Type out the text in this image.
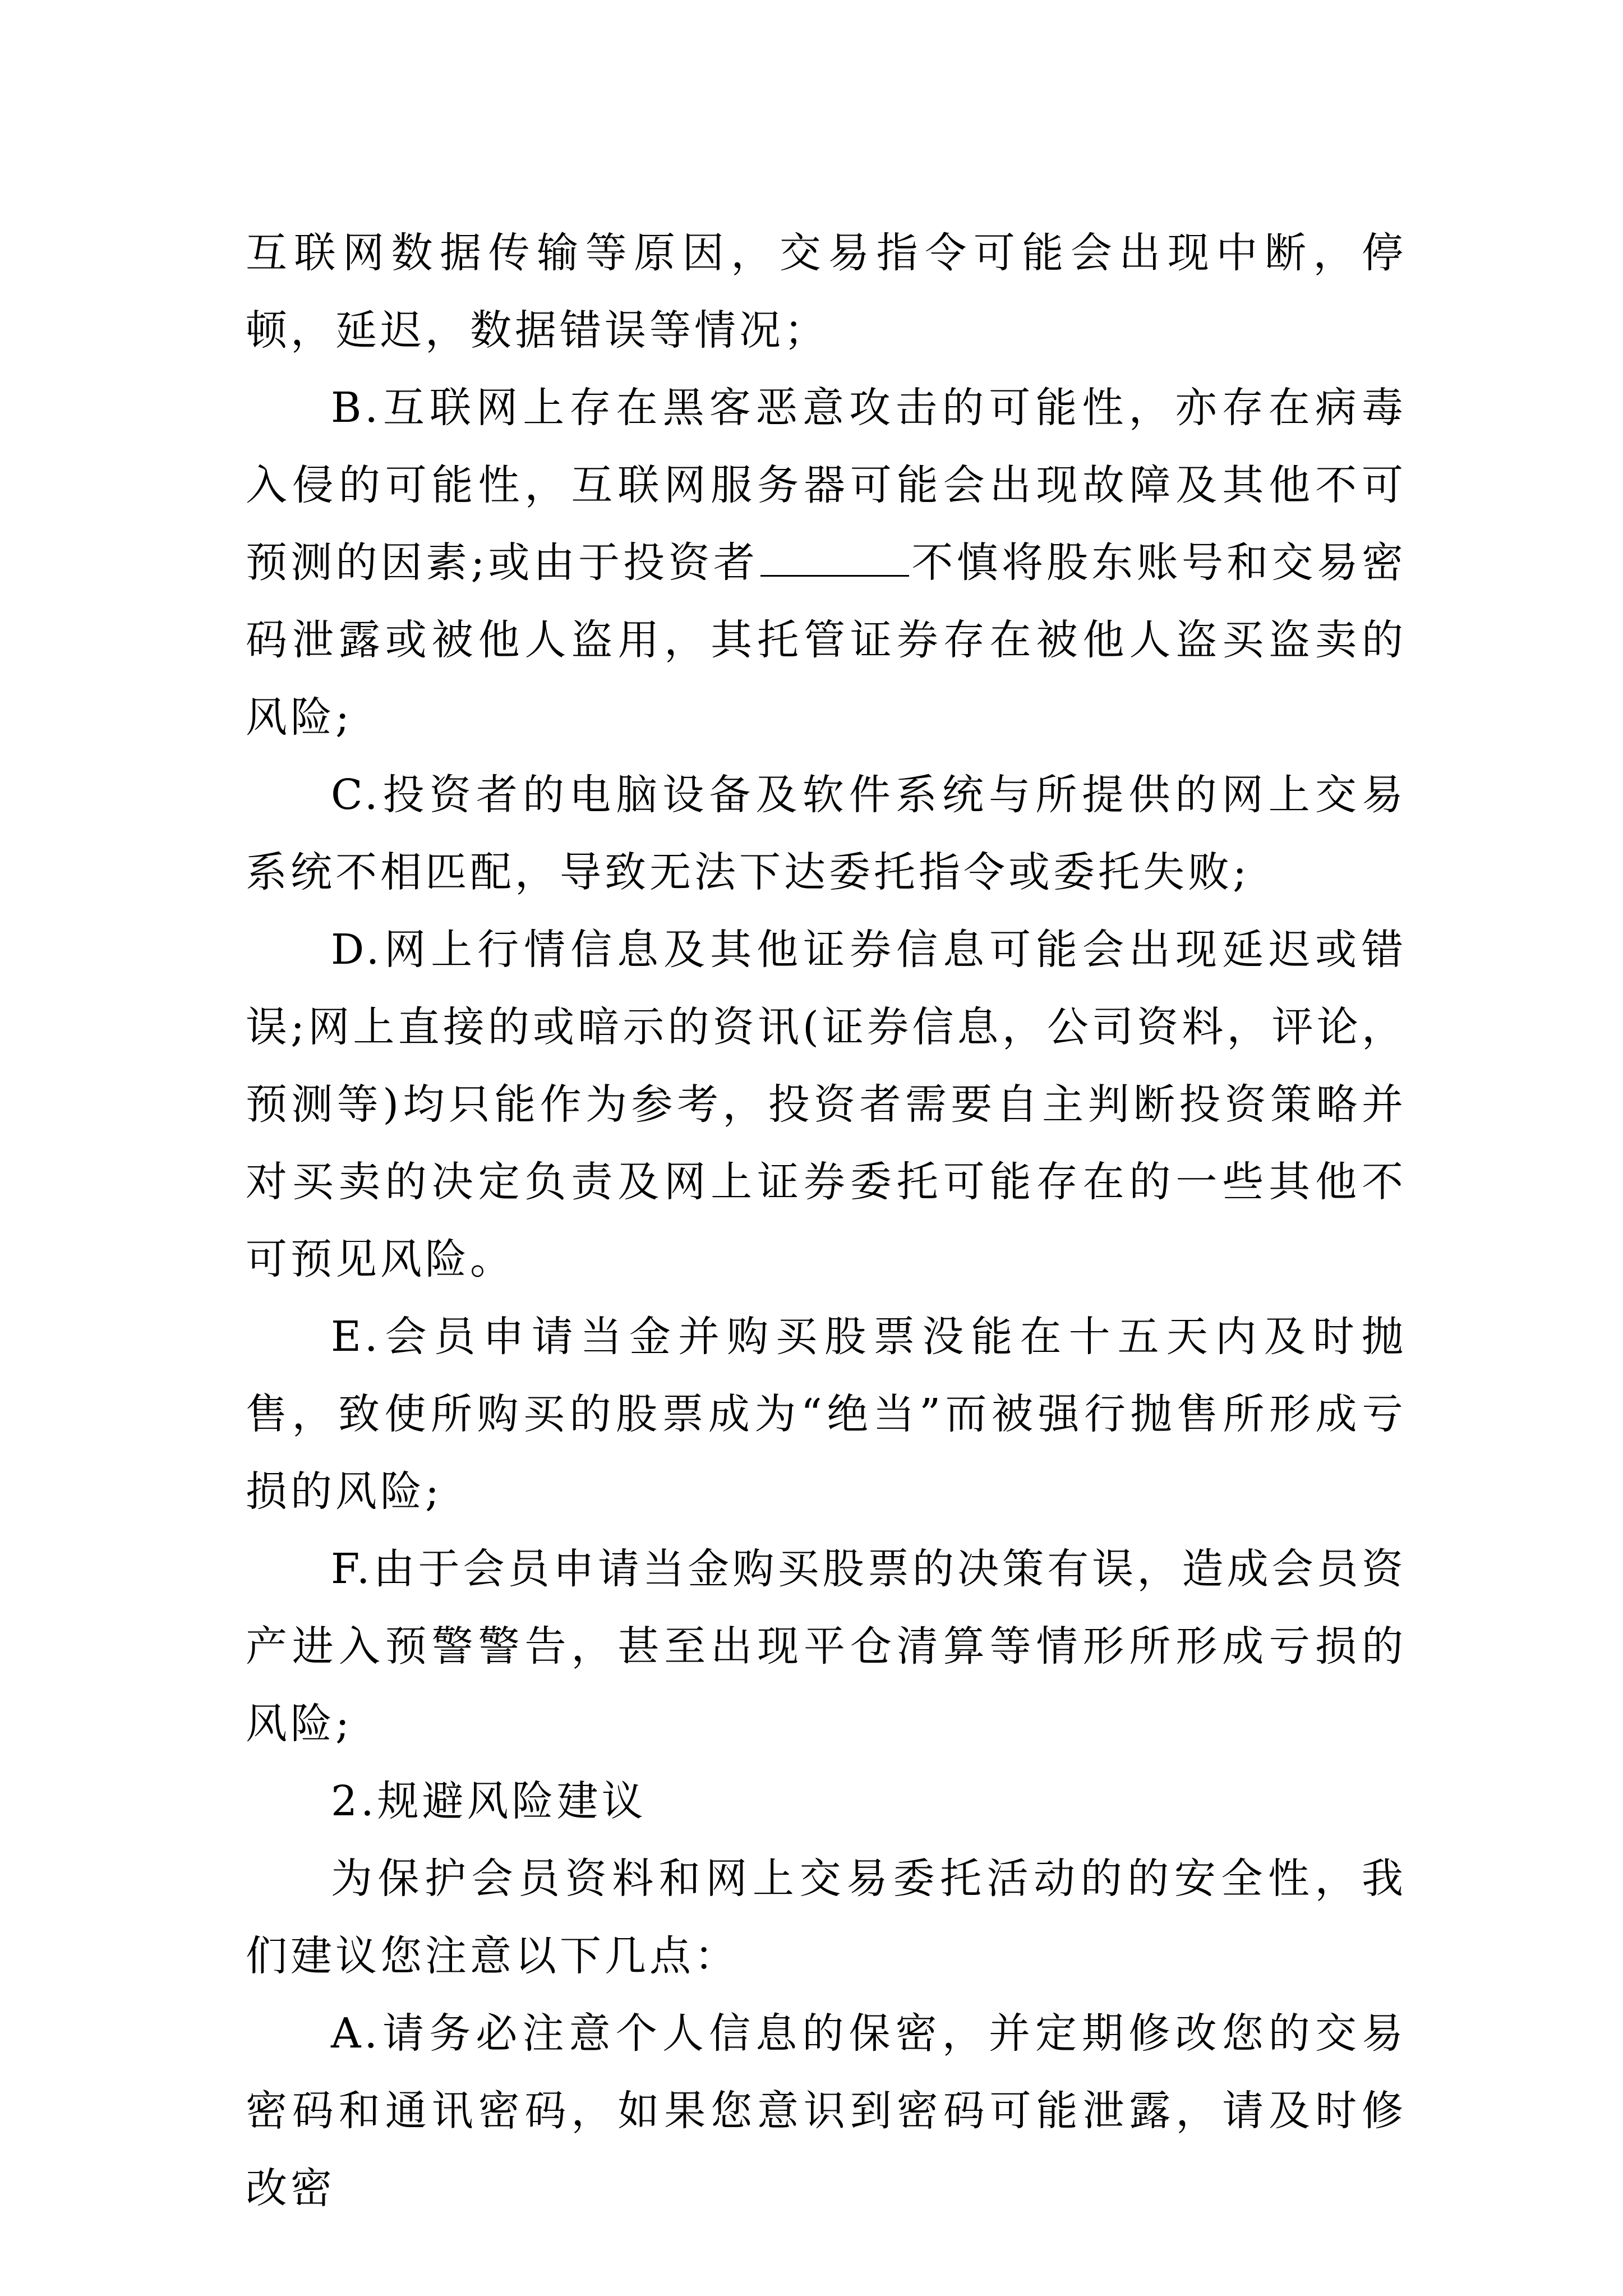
互联网数据传输等原因，交易指令可能会出现中断，停顿，延迟，数据错误等情况；

B.互联网上存在黑客恶意攻击的可能性，亦存在病毒入侵的可能性，互联网服务器可能会出现故障及其他不可预测的因素;或由于投资者	不慎将股东账号和交易密码泄露或被他人盗用，其托管证券存在被他人盗买盗卖的风险;

C.投资者的电脑设备及软件系统与所提供的网上交易系统不相匹配，导致无法下达委托指令或委托失败;

D.网上行情信息及其他证券信息可能会出现延迟或错误;网上直接的或暗示的资讯(证券信息，公司资料，评论，预测等)均只能作为参考，投资者需要自主判断投资策略并对买卖的决定负责及网上证券委托可能存在的一些其他不可预见风险。

E.会员申请当金并购买股票没能在十五天内及时抛售，致使所购买的股票成为“绝当”而被强行抛售所形成亏损的风险;

F.由于会员申请当金购买股票的决策有误，造成会员资产进入预警警告，甚至出现平仓清算等情形所形成亏损的风险;

2.规避风险建议

为保护会员资料和网上交易委托活动的的安全性，我们建议您注意以下几点：

A.请务必注意个人信息的保密，并定期修改您的交易密码和通讯密码，如果您意识到密码可能泄露，请及时修改密
